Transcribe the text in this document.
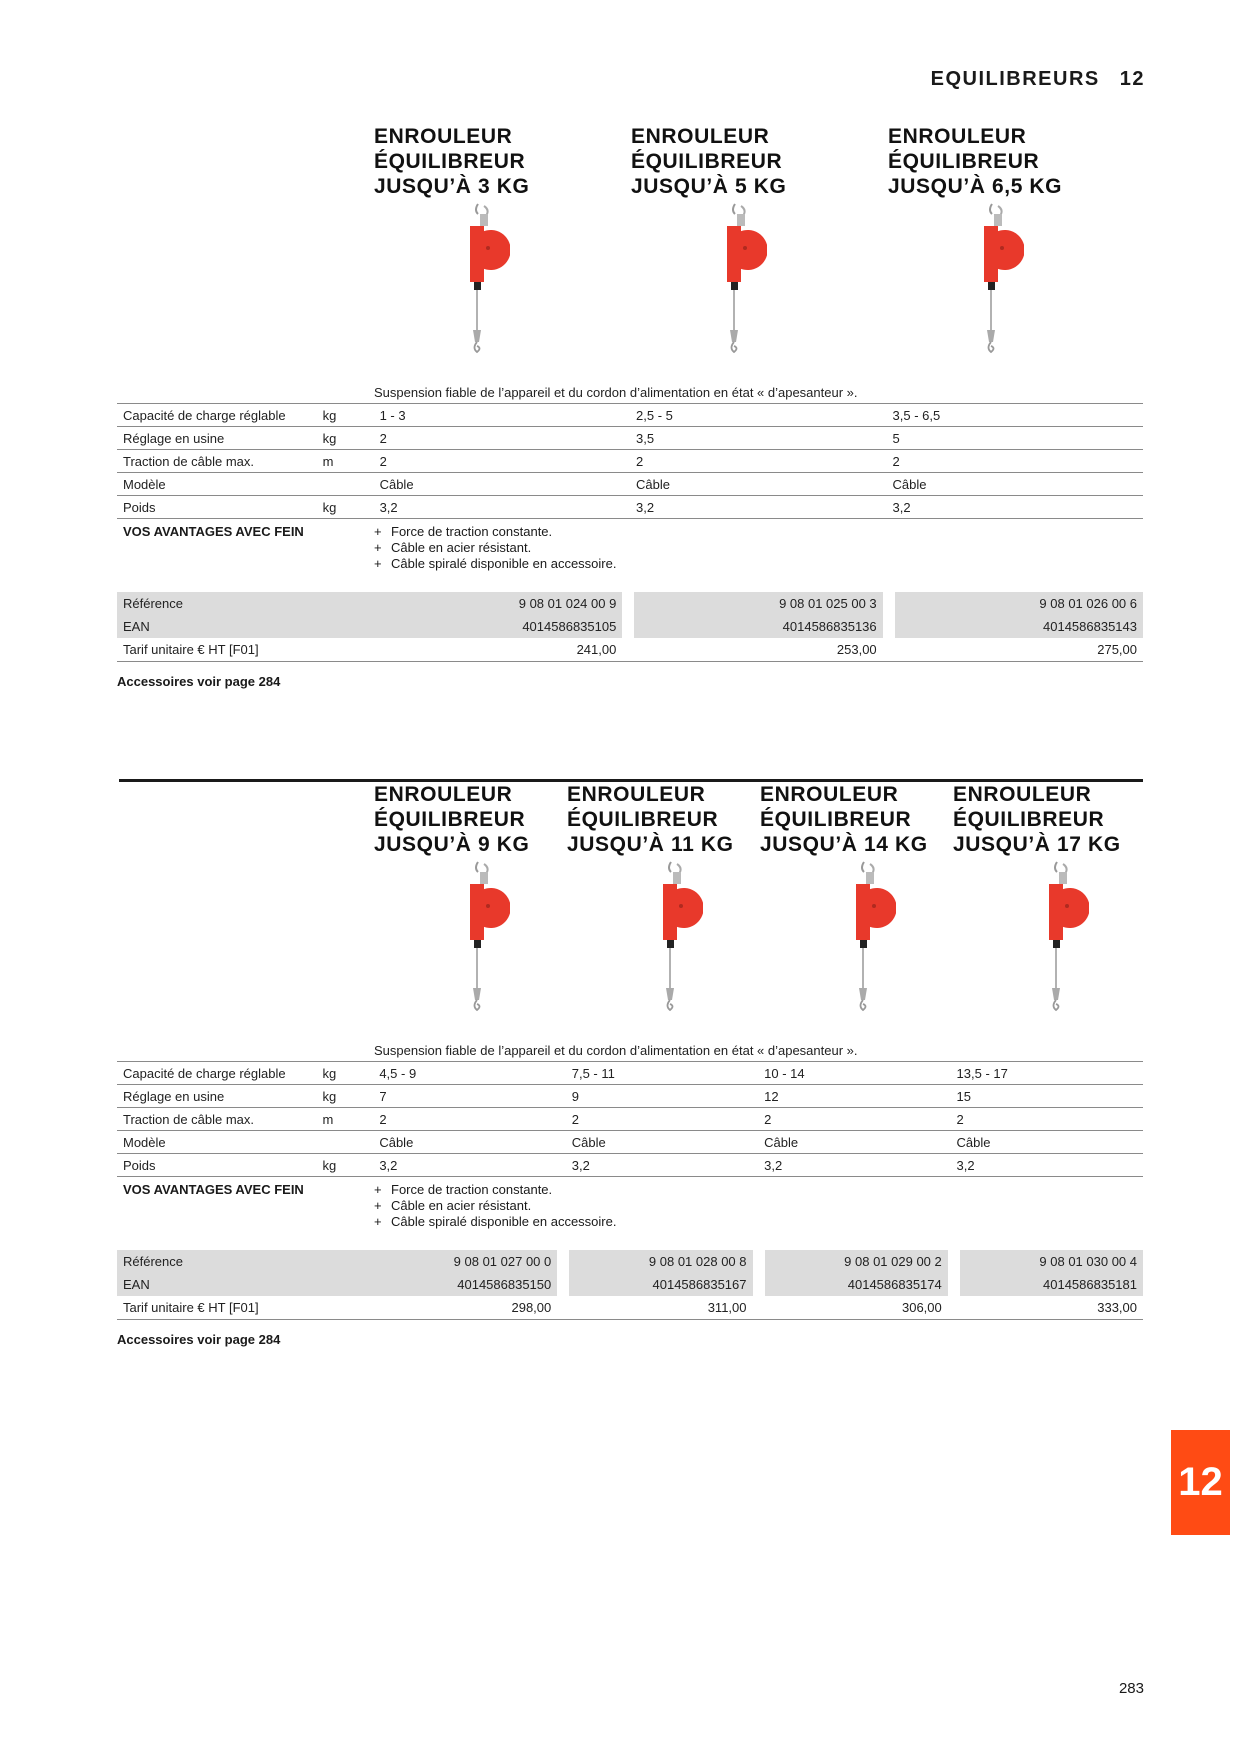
EQUILIBREURS 12
ENROULEUR
ÉQUILIBREUR
JUSQU’À 3 KG
ENROULEUR
ÉQUILIBREUR
JUSQU’À 5 KG
ENROULEUR
ÉQUILIBREUR
JUSQU’À 6,5 KG
Suspension fiable de l’appareil et du cordon d’alimentation en état « d’apesanteur ».
Capacité de charge réglable	kg	1 - 3	2,5 - 5	3,5 - 6,5
Réglage en usine	kg	2	3,5	5
Traction de câble max.	m	2	2	2
Modèle		Câble	Câble	Câble
Poids	kg	3,2	3,2	3,2
VOS AVANTAGES AVEC FEIN	+ Force de traction constante.
+ Câble en acier résistant.
+ Câble spiralé disponible en accessoire.
Référence	9 08 01 024 00 9		9 08 01 025 00 3		9 08 01 026 00 6
EAN	4014586835105		4014586835136		4014586835143
Tarif unitaire € HT [F01]	241,00		253,00		275,00
Accessoires voir page 284
ENROULEUR
ÉQUILIBREUR
JUSQU’À 9 KG
ENROULEUR
ÉQUILIBREUR
JUSQU’À 11 KG
ENROULEUR
ÉQUILIBREUR
JUSQU’À 14 KG
ENROULEUR
ÉQUILIBREUR
JUSQU’À 17 KG
Suspension fiable de l’appareil et du cordon d’alimentation en état « d’apesanteur ».
Capacité de charge réglable	kg	4,5 - 9	7,5 - 11	10 - 14	13,5 - 17
Réglage en usine	kg	7	9	12	15
Traction de câble max.	m	2	2	2	2
Modèle		Câble	Câble	Câble	Câble
Poids	kg	3,2	3,2	3,2	3,2
VOS AVANTAGES AVEC FEIN	+ Force de traction constante.
+ Câble en acier résistant.
+ Câble spiralé disponible en accessoire.
Référence	9 08 01 027 00 0		9 08 01 028 00 8		9 08 01 029 00 2		9 08 01 030 00 4
EAN	4014586835150		4014586835167		4014586835174		4014586835181
Tarif unitaire € HT [F01]	298,00		311,00		306,00		333,00
Accessoires voir page 284
12
283
